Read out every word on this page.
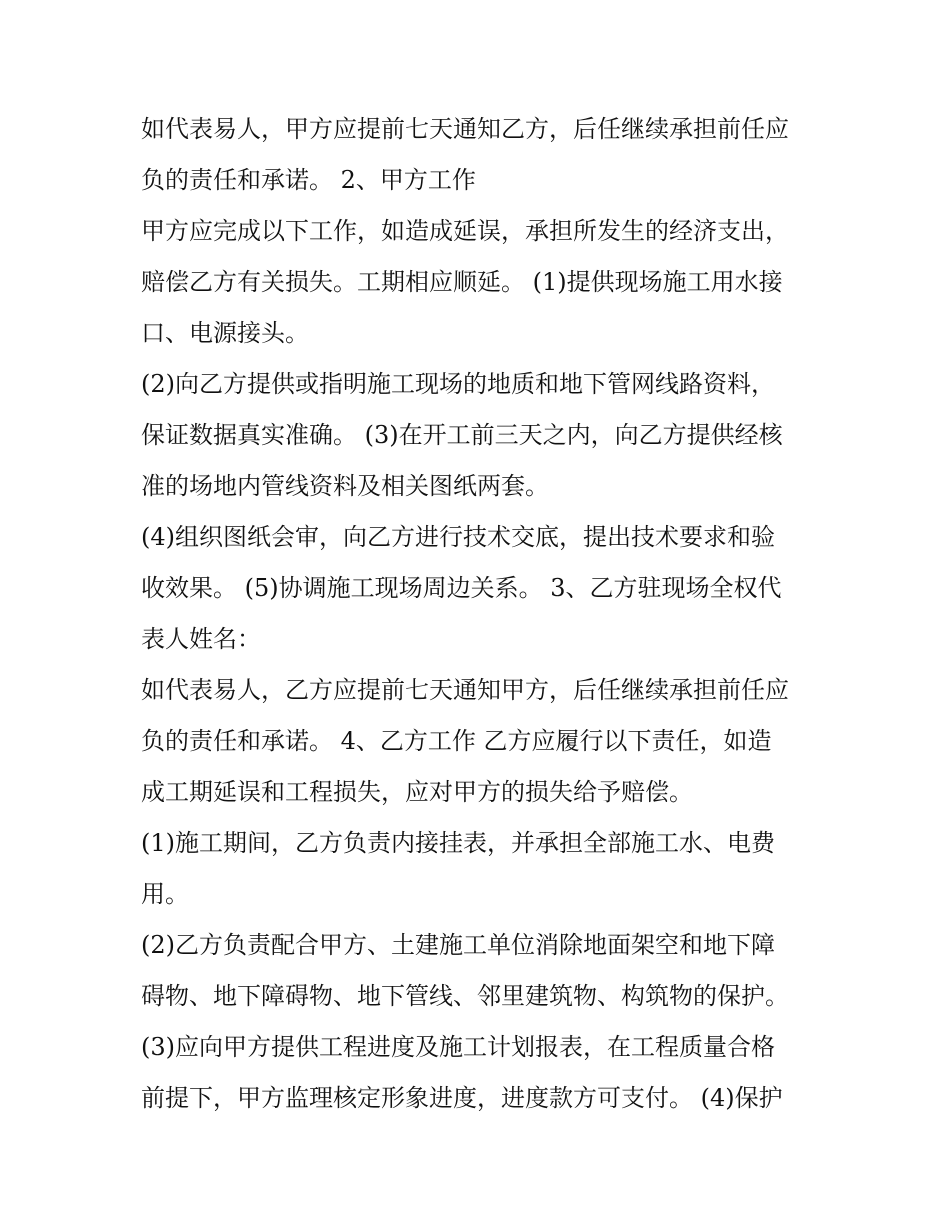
如代表易人，甲方应提前七天通知乙方，后任继续承担前任应
负的责任和承诺。 2、甲方工作
甲方应完成以下工作，如造成延误，承担所发生的经济支出，
赔偿乙方有关损失。工期相应顺延。 (1)提供现场施工用水接
口、电源接头。
(2)向乙方提供或指明施工现场的地质和地下管网线路资料，
保证数据真实准确。 (3)在开工前三天之内，向乙方提供经核
准的场地内管线资料及相关图纸两套。
(4)组织图纸会审，向乙方进行技术交底，提出技术要求和验
收效果。 (5)协调施工现场周边关系。 3、乙方驻现场全权代
表人姓名：
如代表易人，乙方应提前七天通知甲方，后任继续承担前任应
负的责任和承诺。 4、乙方工作 乙方应履行以下责任，如造
成工期延误和工程损失，应对甲方的损失给予赔偿。
(1)施工期间，乙方负责内接挂表，并承担全部施工水、电费
用。
(2)乙方负责配合甲方、土建施工单位消除地面架空和地下障
碍物、地下障碍物、地下管线、邻里建筑物、构筑物的保护。
(3)应向甲方提供工程进度及施工计划报表，在工程质量合格
前提下，甲方监理核定形象进度，进度款方可支付。 (4)保护
